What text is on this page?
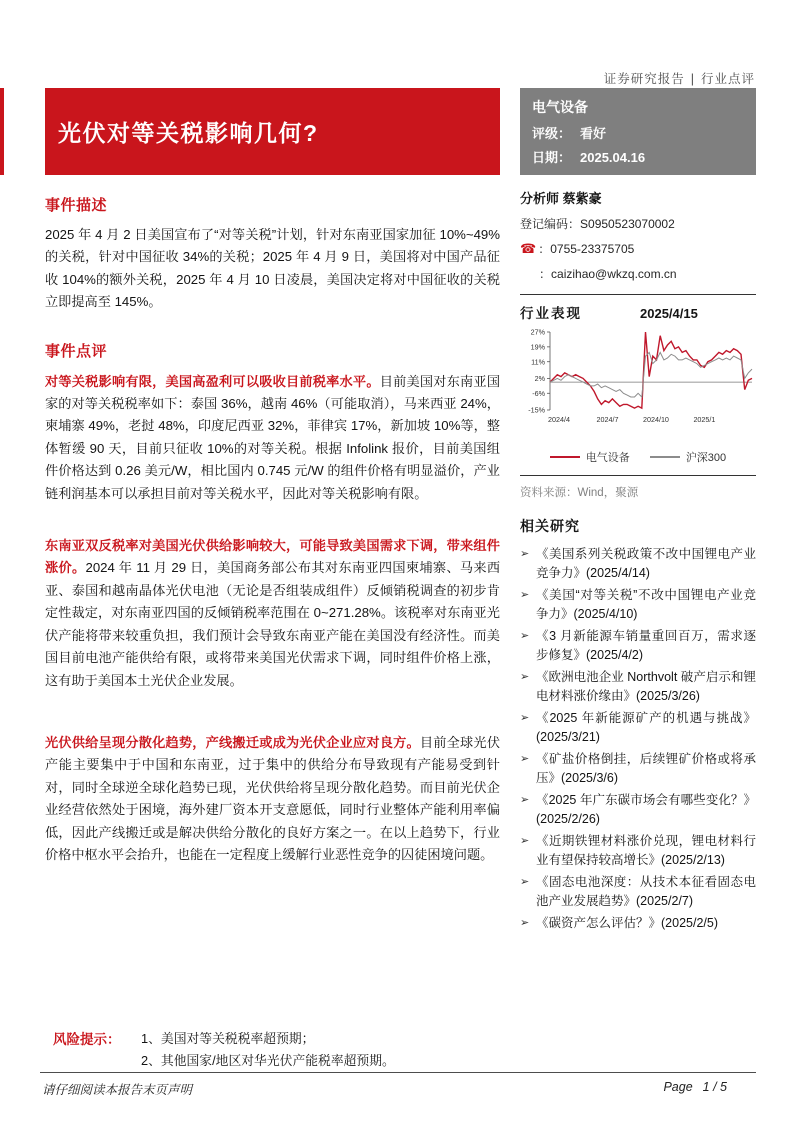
证券研究报告 | 行业点评
光伏对等关税影响几何?
事件描述

2025 年 4 月 2 日美国宣布了“对等关税”计划，针对东南亚国家加征 10%~49%的关税，针对中国征收 34%的关税；2025 年 4 月 9 日，美国将对中国产品征收 104%的额外关税，2025 年 4 月 10 日凌晨，美国决定将对中国征收的关税立即提高至 145%。

事件点评

对等关税影响有限，美国高盈利可以吸收目前税率水平。目前美国对东南亚国家的对等关税税率如下：泰国 36%，越南 46%（可能取消），马来西亚 24%，柬埔寨 49%，老挝 48%，印度尼西亚 32%，菲律宾 17%，新加坡 10%等，整体暂缓 90 天，目前只征收 10%的对等关税。根据 Infolink 报价，目前美国组件价格达到 0.26 美元/W，相比国内 0.745 元/W 的组件价格有明显溢价，产业链利润基本可以承担目前对等关税水平，因此对等关税影响有限。

东南亚双反税率对美国光伏供给影响较大，可能导致美国需求下调，带来组件涨价。2024 年 11 月 29 日，美国商务部公布其对东南亚四国柬埔寨、马来西亚、泰国和越南晶体光伏电池（无论是否组装成组件）反倾销税调查的初步肯定性裁定，对东南亚四国的反倾销税率范围在 0~271.28%。该税率对东南亚光伏产能将带来较重负担，我们预计会导致东南亚产能在美国没有经济性。而美国目前电池产能供给有限，或将带来美国光伏需求下调，同时组件价格上涨，这有助于美国本土光伏企业发展。

光伏供给呈现分散化趋势，产线搬迁或成为光伏企业应对良方。目前全球光伏产能主要集中于中国和东南亚，过于集中的供给分布导致现有产能易受到针对，同时全球逆全球化趋势已现，光伏供给将呈现分散化趋势。而目前光伏企业经营依然处于困境，海外建厂资本开支意愿低，同时行业整体产能利用率偏低，因此产线搬迁或是解决供给分散化的良好方案之一。在以上趋势下，行业价格中枢水平会抬升，也能在一定程度上缓解行业恶性竞争的囚徒困境问题。

电气设备
评级： 看好
日期： 2025.04.16
分析师 蔡紫豪
登记编码：S0950523070002
☎ ：0755-23375705
：caizihao@wkzq.com.cn
行业表现	2025/4/15
27%
19%
11%
2%
-6%
-15%
2024/4	2024/7	2024/10	2025/1
电气设备	沪深300
资料来源：Wind，聚源
相关研究
➢ 《美国系列关税政策不改中国锂电产业竞争力》(2025/4/14)
➢ 《美国“对等关税”不改中国锂电产业竞争力》(2025/4/10)
➢ 《3 月新能源车销量重回百万，需求逐步修复》(2025/4/2)
➢ 《欧洲电池企业 Northvolt 破产启示和锂电材料涨价缘由》(2025/3/26)
➢ 《2025 年新能源矿产的机遇与挑战》(2025/3/21)
➢ 《矿盐价格倒挂，后续锂矿价格或将承压》(2025/3/6)
➢ 《2025 年广东碳市场会有哪些变化？》(2025/2/26)
➢ 《近期铁锂材料涨价兑现，锂电材料行业有望保持较高增长》(2025/2/13)
➢ 《固态电池深度：从技术本征看固态电池产业发展趋势》(2025/2/7)
➢ 《碳资产怎么评估？》(2025/2/5)
风险提示：	1、美国对等关税税率超预期；
2、其他国家/地区对华光伏产能税率超预期。
请仔细阅读本报告末页声明	Page 1 / 5
